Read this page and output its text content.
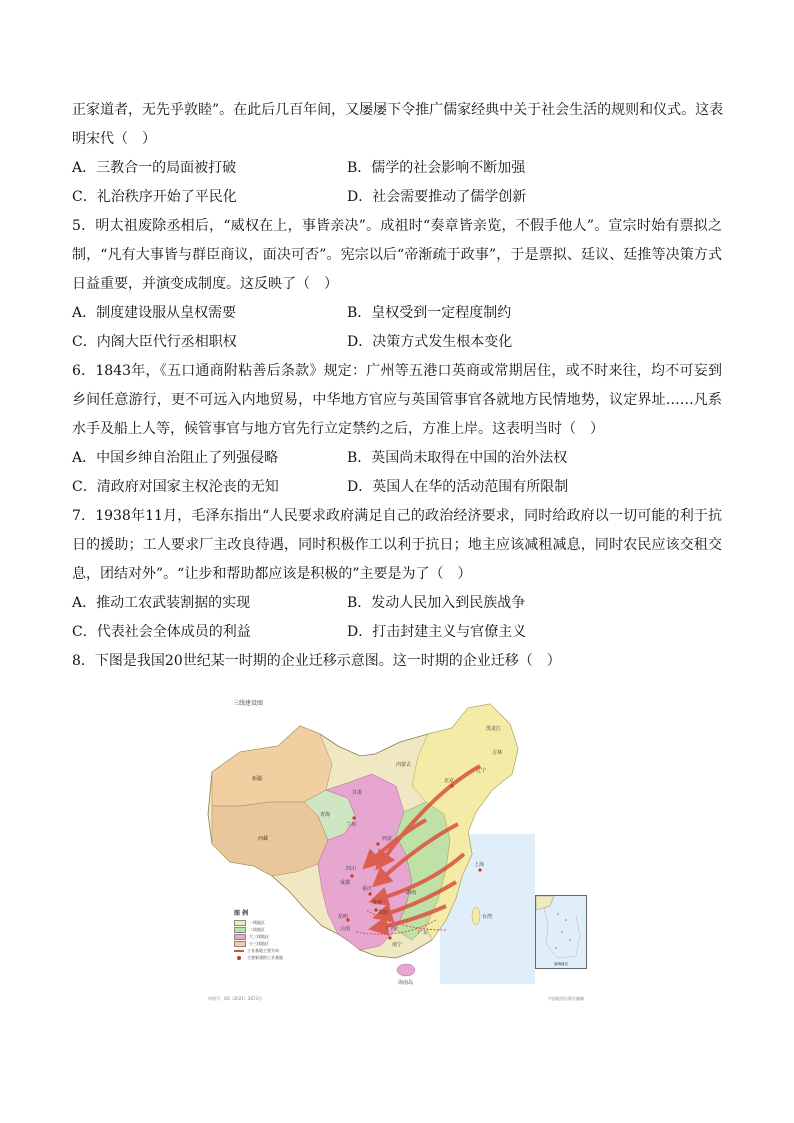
正家道者，无先乎敦睦”。在此后几百年间，又屡屡下令推广儒家经典中关于社会生活的规则和仪式。这表
明宋代（　）
A．三教合一的局面被打破	B．儒学的社会影响不断加强
C．礼治秩序开始了平民化	D．社会需要推动了儒学创新
5．明太祖废除丞相后，“威权在上，事皆亲决”。成祖时“奏章皆亲览，不假手他人”。宣宗时始有票拟之制，“凡有大事皆与群臣商议，面决可否”。宪宗以后“帝渐疏于政事”，于是票拟、廷议、廷推等决策方式日益重要，并演变成制度。这反映了（　）
A．制度建设服从皇权需要	B．皇权受到一定程度制约
C．内阁大臣代行丞相职权	D．决策方式发生根本变化
6．1843年，《五口通商附粘善后条款》规定：广州等五港口英商或常期居住，或不时来往，均不可妄到乡间任意游行，更不可远入内地贸易，中华地方官应与英国管事官各就地方民情地势，议定界址……凡系水手及船上人等，候管事官与地方官先行立定禁约之后，方准上岸。这表明当时（　）
A．中国乡绅自治阻止了列强侵略	B．英国尚未取得在中国的治外法权
C．清政府对国家主权沦丧的无知	D．英国人在华的活动范围有所限制
7．1938年11月，毛泽东指出“人民要求政府满足自己的政治经济要求，同时给政府以一切可能的利于抗日的援助；工人要求厂主改良待遇，同时积极作工以利于抗日；地主应该减租减息，同时农民应该交租交息，团结对外”。“让步和帮助都应该是积极的”主要是为了（　）
A．推动工农武装割据的实现	B．发动人民加入到民族战争
C．代表社会全体成员的利益	D．打击封建主义与官僚主义
8．下图是我国20世纪某一时期的企业迁移示意图。这一时期的企业迁移（　）
新疆
西藏
青海
甘肃
四川
贵州
云南
湖南
广西
广东
台湾
海南岛
北京
上海
兰州
西安
成都
重庆
昆明
贵阳
南宁
黑龙江
吉林
辽宁
内蒙古
三线建设图
图 例
一线地区
二线地区
大三线地区
小三线地区
工业基地主要方向
主要新建的工业基地
南海诸岛
审图号：GS（2021）2673号	中国地图出版社编制
